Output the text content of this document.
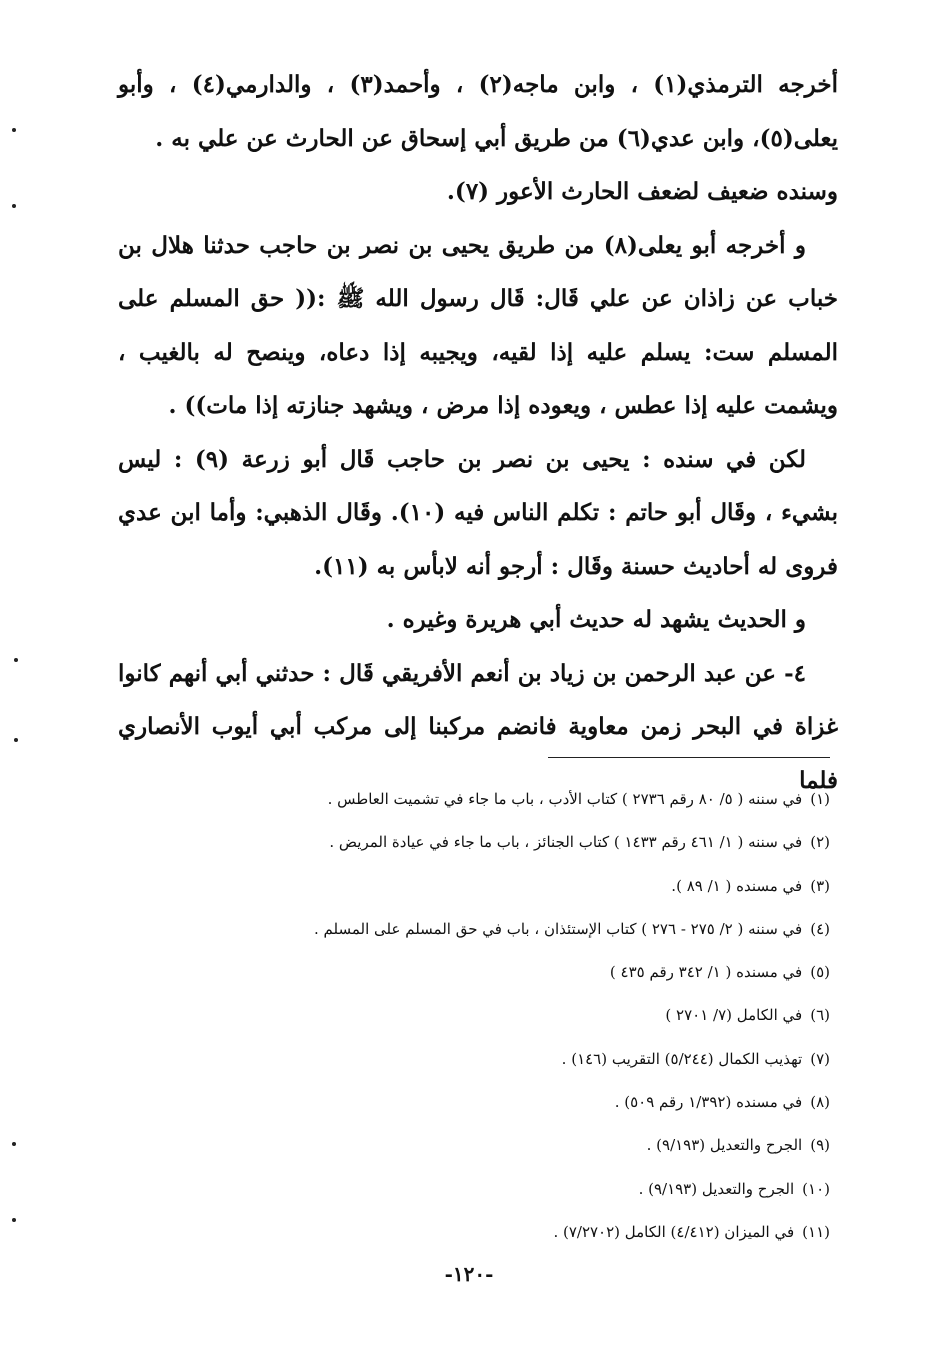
أخرجه الترمذي(١) ، وابن ماجه(٢) ، وأحمد(٣) ، والدارمي(٤) ، وأبو يعلى(٥)، وابن عدي(٦) من طريق أبي إسحاق عن الحارث عن علي به .

وسنده ضعيف لضعف الحارث الأعور (٧).

و أخرجه أبو يعلى(٨) من طريق يحيى بن نصر بن حاجب حدثنا هلال بن خباب عن زاذان عن علي قَال: قَال رسول الله ﷺ :(( حق المسلم على المسلم ست: يسلم عليه إذا لقيه، ويجيبه إذا دعاه، وينصح له بالغيب ، ويشمت عليه إذا عطس ، ويعوده إذا مرض ، ويشهد جنازته إذا مات)) .

لكن في سنده : يحيى بن نصر بن حاجب قَال أبو زرعة (٩) : ليس بشيء ، وقَال أبو حاتم : تكلم الناس فيه (١٠). وقَال الذهبي: وأما ابن عدي فروى له أحاديث حسنة وقَال : أرجو أنه لابأس به (١١).

و الحديث يشهد له حديث أبي هريرة وغيره .

٤- عن عبد الرحمن بن زياد بن أنعم الأفريقي قَال : حدثني أبي أنهم كانوا غزاة في البحر زمن معاوية فانضم مركبنا إلى مركب أبي أيوب الأنصاري فلما

(١)في سننه ( ٥/ ٨٠ رقم ٢٧٣٦ ) كتاب الأدب ، باب ما جاء في تشميت العاطس .
(٢)في سننه ( ١/ ٤٦١ رقم ١٤٣٣ ) كتاب الجنائز ، باب ما جاء في عيادة المريض .
(٣)في مسنده ( ١/ ٨٩ ).
(٤)في سننه ( ٢/ ٢٧٥ - ٢٧٦ ) كتاب الإستئذان ، باب في حق المسلم على المسلم .
(٥)في مسنده ( ١/ ٣٤٢ رقم ٤٣٥ )
(٦)في الكامل (٧/ ٢٧٠١ )
(٧)تهذيب الكمال (٥/٢٤٤) التقريب (١٤٦) .
(٨)في مسنده (١/٣٩٢ رقم ٥٠٩) .
(٩)الجرح والتعديل (٩/١٩٣) .
(١٠)الجرح والتعديل (٩/١٩٣) .
(١١)في الميزان (٤/٤١٢) الكامل (٧/٢٧٠٢) .
-١٢٠-
